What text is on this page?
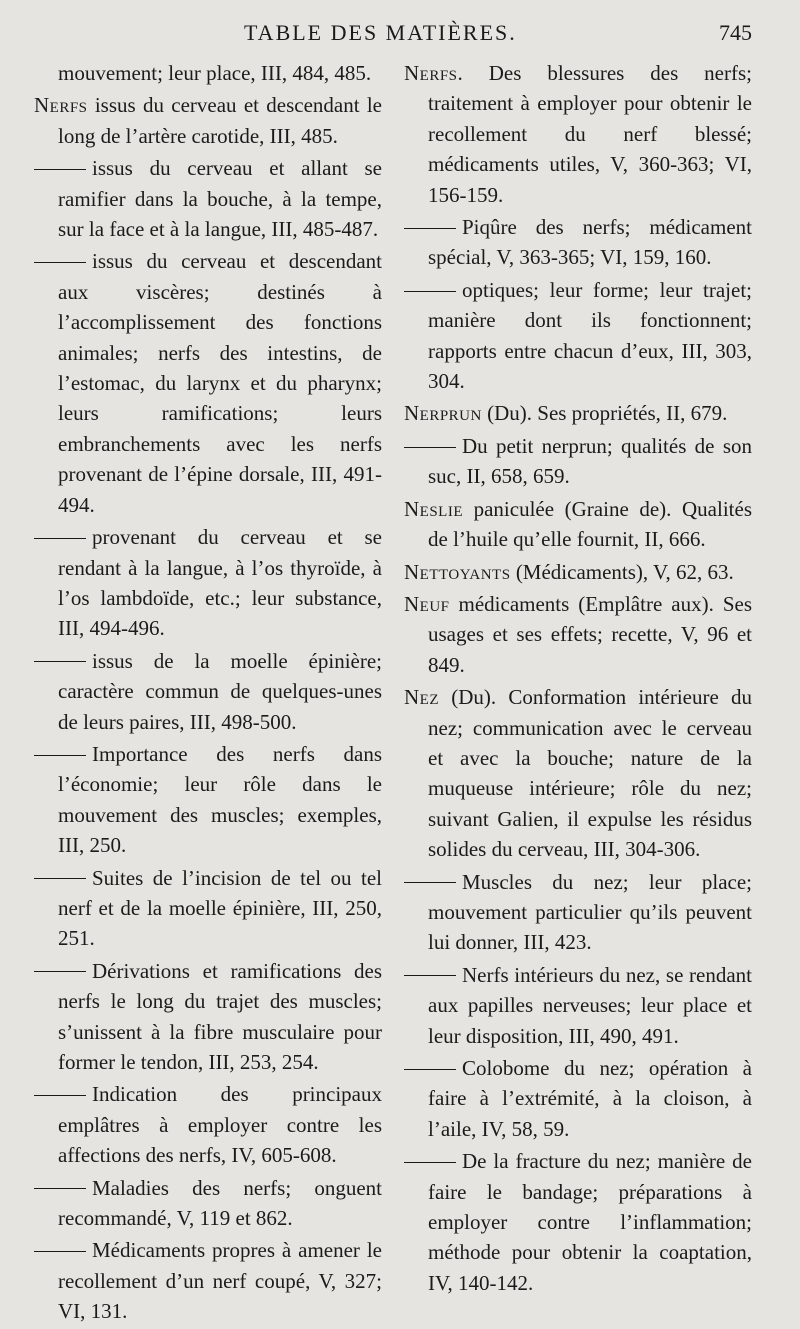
TABLE DES MATIÈRES.	745

mouvement; leur place, III, 484, 485.

Nerfs issus du cerveau et descendant le long de l’artère carotide, III, 485.

issus du cerveau et allant se ramifier dans la bouche, à la tempe, sur la face et à la langue, III, 485-487.

issus du cerveau et descendant aux viscères; destinés à l’accomplissement des fonctions animales; nerfs des intestins, de l’estomac, du larynx et du pharynx; leurs ramifications; leurs embranchements avec les nerfs provenant de l’épine dorsale, III, 491-494.

provenant du cerveau et se rendant à la langue, à l’os thyroïde, à l’os lambdoïde, etc.; leur substance, III, 494-496.

issus de la moelle épinière; caractère commun de quelques-unes de leurs paires, III, 498-500.

Importance des nerfs dans l’économie; leur rôle dans le mouvement des muscles; exemples, III, 250.

Suites de l’incision de tel ou tel nerf et de la moelle épinière, III, 250, 251.

Dérivations et ramifications des nerfs le long du trajet des muscles; s’unissent à la fibre musculaire pour former le tendon, III, 253, 254.

Indication des principaux emplâtres à employer contre les affections des nerfs, IV, 605-608.

Maladies des nerfs; onguent recommandé, V, 119 et 862.

Médicaments propres à amener le recollement d’un nerf coupé, V, 327; VI, 131.

Nerfs. Des blessures des nerfs; traitement à employer pour obtenir le recollement du nerf blessé; médicaments utiles, V, 360-363; VI, 156-159.

Piqûre des nerfs; médicament spécial, V, 363-365; VI, 159, 160.

optiques; leur forme; leur trajet; manière dont ils fonctionnent; rapports entre chacun d’eux, III, 303, 304.

Nerprun (Du). Ses propriétés, II, 679.

Du petit nerprun; qualités de son suc, II, 658, 659.

Neslie paniculée (Graine de). Qualités de l’huile qu’elle fournit, II, 666.

Nettoyants (Médicaments), V, 62, 63.

Neuf médicaments (Emplâtre aux). Ses usages et ses effets; recette, V, 96 et 849.

Nez (Du). Conformation intérieure du nez; communication avec le cerveau et avec la bouche; nature de la muqueuse intérieure; rôle du nez; suivant Galien, il expulse les résidus solides du cerveau, III, 304-306.

Muscles du nez; leur place; mouvement particulier qu’ils peuvent lui donner, III, 423.

Nerfs intérieurs du nez, se rendant aux papilles nerveuses; leur place et leur disposition, III, 490, 491.

Colobome du nez; opération à faire à l’extrémité, à la cloison, à l’aile, IV, 58, 59.

De la fracture du nez; manière de faire le bandage; préparations à employer contre l’inflammation; méthode pour obtenir la coaptation, IV, 140-142.
